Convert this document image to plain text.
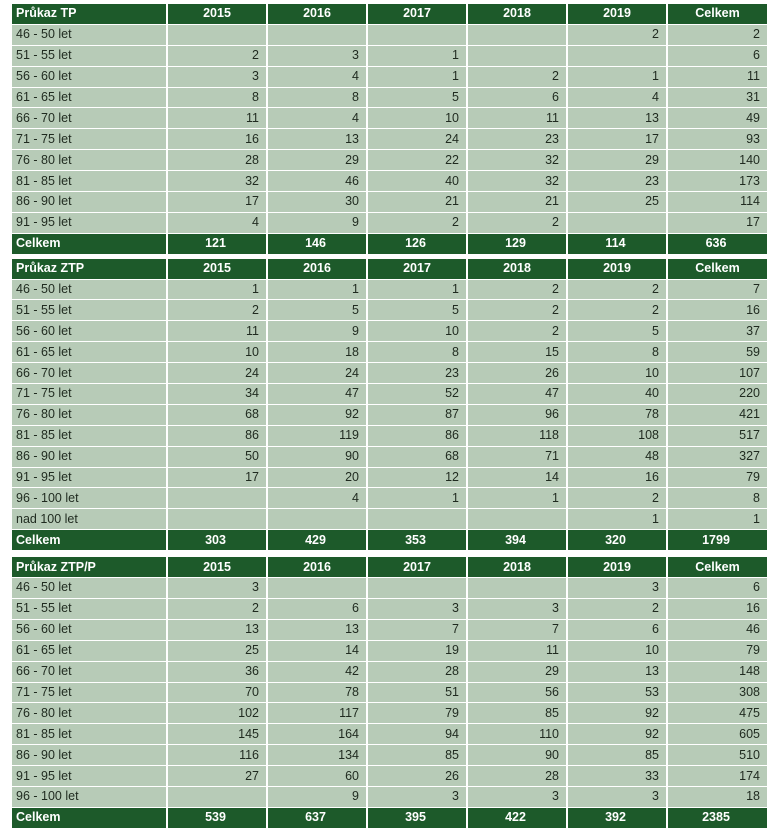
Průkaz TP	2015	2016	2017	2018	2019	Celkem
46 - 50 let					2	2
51 - 55 let	2	3	1			6
56 - 60 let	3	4	1	2	1	11
61 - 65 let	8	8	5	6	4	31
66 - 70 let	11	4	10	11	13	49
71 - 75 let	16	13	24	23	17	93
76 - 80 let	28	29	22	32	29	140
81 - 85 let	32	46	40	32	23	173
86 - 90 let	17	30	21	21	25	114
91 - 95 let	4	9	2	2		17
Celkem	121	146	126	129	114	636
Průkaz ZTP	2015	2016	2017	2018	2019	Celkem
46 - 50 let	1	1	1	2	2	7
51 - 55 let	2	5	5	2	2	16
56 - 60 let	11	9	10	2	5	37
61 - 65 let	10	18	8	15	8	59
66 - 70 let	24	24	23	26	10	107
71 - 75 let	34	47	52	47	40	220
76 - 80 let	68	92	87	96	78	421
81 - 85 let	86	119	86	118	108	517
86 - 90 let	50	90	68	71	48	327
91 - 95 let	17	20	12	14	16	79
96 - 100 let		4	1	1	2	8
nad 100 let					1	1
Celkem	303	429	353	394	320	1799
Průkaz ZTP/P	2015	2016	2017	2018	2019	Celkem
46 - 50 let	3				3	6
51 - 55 let	2	6	3	3	2	16
56 - 60 let	13	13	7	7	6	46
61 - 65 let	25	14	19	11	10	79
66 - 70 let	36	42	28	29	13	148
71 - 75 let	70	78	51	56	53	308
76 - 80 let	102	117	79	85	92	475
81 - 85 let	145	164	94	110	92	605
86 - 90 let	116	134	85	90	85	510
91 - 95 let	27	60	26	28	33	174
96 - 100 let		9	3	3	3	18
Celkem	539	637	395	422	392	2385
